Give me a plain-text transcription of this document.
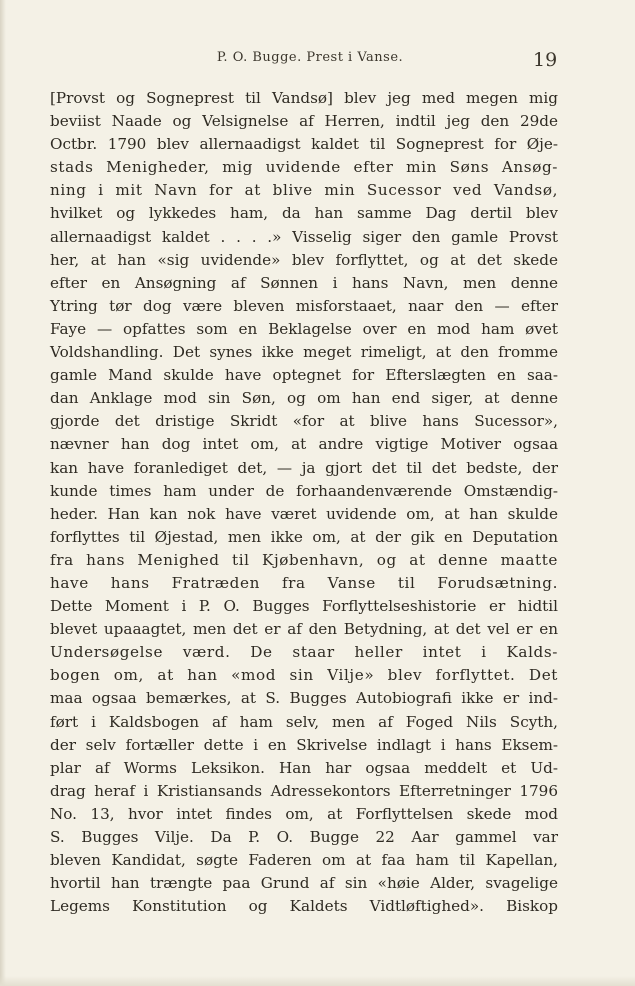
P. O. Bugge. Prest i Vanse.	19
[Provst og Sogneprest til Vandsø] blev jeg med megen mig
beviist Naade og Velsignelse af Herren, indtil jeg den 29de
Octbr. 1790 blev allernaadigst kaldet til Sogneprest for Øje-
stads Menigheder, mig uvidende efter min Søns Ansøg-
ning i mit Navn for at blive min Sucessor ved Vandsø,
hvilket og lykkedes ham, da han samme Dag dertil blev
allernaadigst kaldet . . . .» Visselig siger den gamle Provst
her, at han «sig uvidende» blev forflyttet, og at det skede
efter en Ansøgning af Sønnen i hans Navn, men denne
Ytring tør dog være bleven misforstaaet, naar den — efter
Faye — opfattes som en Beklagelse over en mod ham øvet
Voldshandling. Det synes ikke meget rimeligt, at den fromme
gamle Mand skulde have optegnet for Efterslægten en saa-
dan Anklage mod sin Søn, og om han end siger, at denne
gjorde det dristige Skridt «for at blive hans Sucessor»,
nævner han dog intet om, at andre vigtige Motiver ogsaa
kan have foranlediget det, — ja gjort det til det bedste, der
kunde times ham under de forhaandenværende Omstændig-
heder. Han kan nok have været uvidende om, at han skulde
forflyttes til Øjestad, men ikke om, at der gik en Deputation
fra hans Menighed til Kjøbenhavn, og at denne maatte
have hans Fratræden fra Vanse til Forudsætning.
Dette Moment i P. O. Bugges Forflyttelseshistorie er hidtil
blevet upaaagtet, men det er af den Betydning, at det vel er en
Undersøgelse værd. De staar heller intet i Kalds-
bogen om, at han «mod sin Vilje» blev forflyttet. Det
maa ogsaa bemærkes, at S. Bugges Autobiografi ikke er ind-
ført i Kaldsbogen af ham selv, men af Foged Nils Scyth,
der selv fortæller dette i en Skrivelse indlagt i hans Eksem-
plar af Worms Leksikon. Han har ogsaa meddelt et Ud-
drag heraf i Kristiansands Adressekontors Efterretninger 1796
No. 13, hvor intet findes om, at Forflyttelsen skede mod
S. Bugges Vilje. Da P. O. Bugge 22 Aar gammel var
bleven Kandidat, søgte Faderen om at faa ham til Kapellan,
hvortil han trængte paa Grund af sin «høie Alder, svagelige
Legems Konstitution og Kaldets Vidtløftighed». Biskop
